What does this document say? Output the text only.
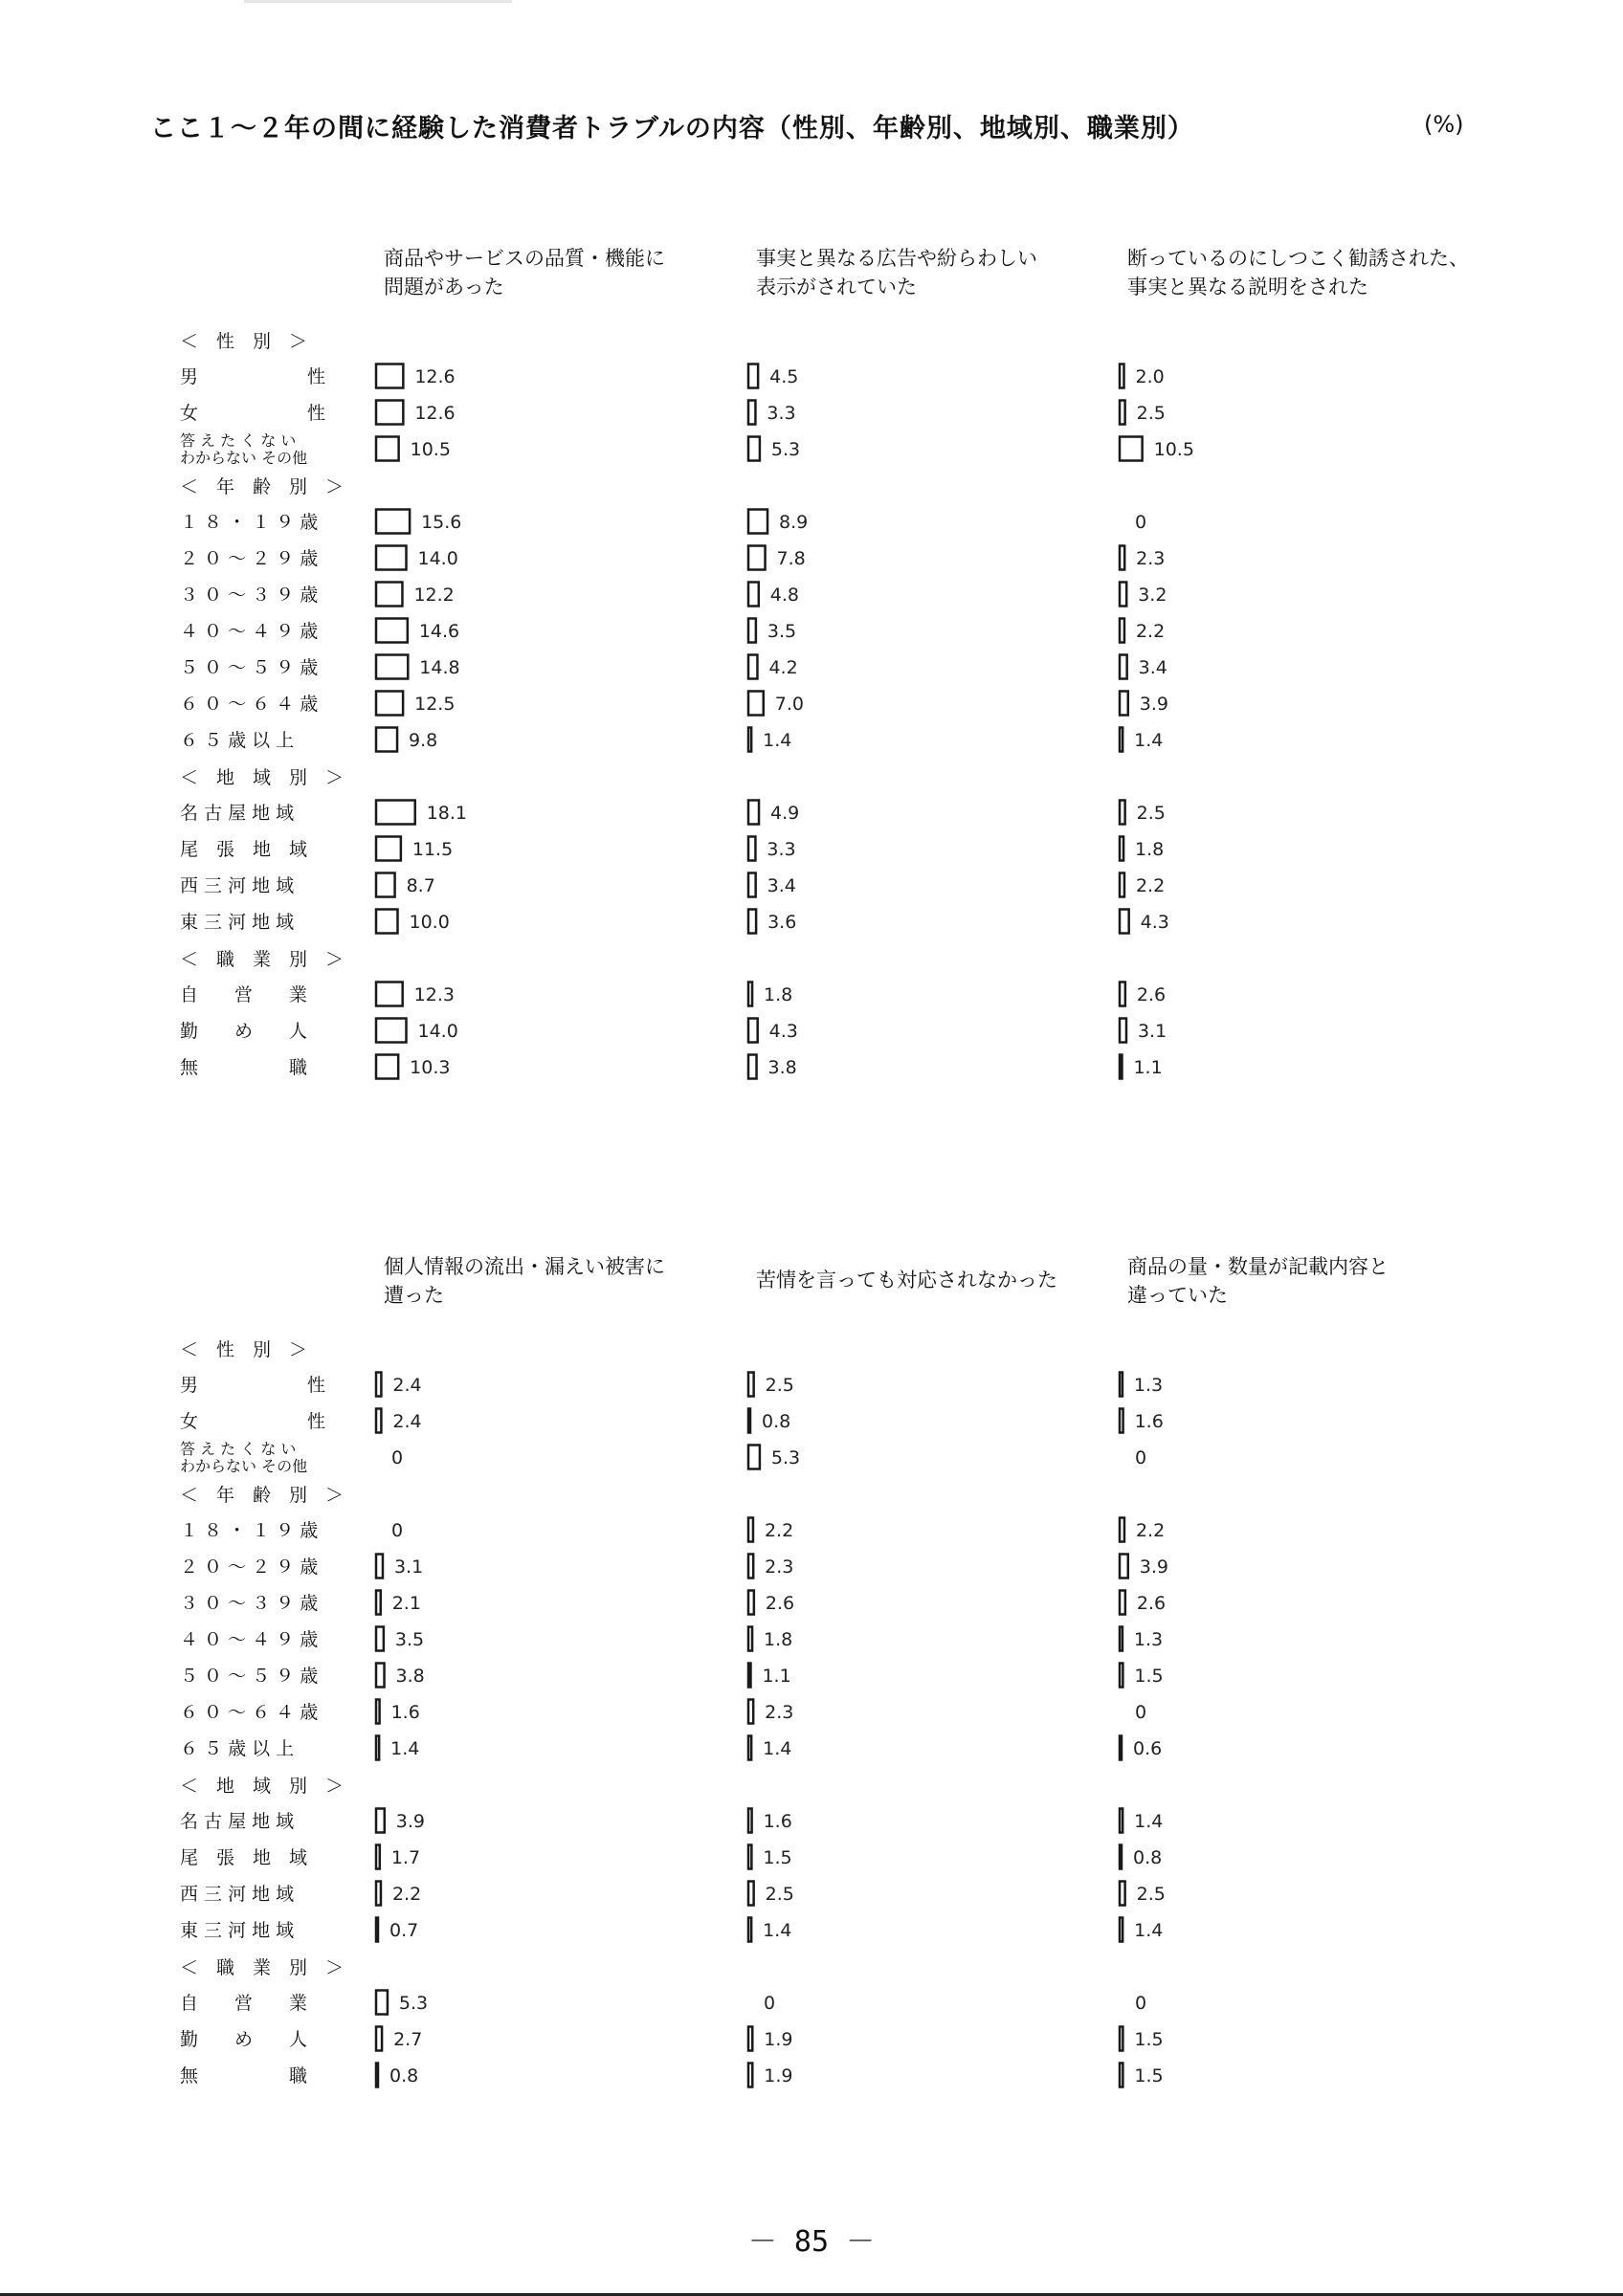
ここ１～２年の間に経験した消費者トラブルの内容（性別、年齢別、地域別、職業別）	(%)
商品やサービスの品質・機能に
問題があった
事実と異なる広告や紛らわしい
表示がされていた
断っているのにしつこく勧誘された、
事実と異なる説明をされた
＜　性　別　＞
男　　　　　　性	12.6	4.5	2.0
女　　　　　　性	12.6	3.3	2.5
答 え た く な い
わからない その他	10.5	5.3	10.5
＜　年　齢　別　＞
１ ８ ・ １ ９ 歳	15.6	8.9	0
２ ０ ～ ２ ９ 歳	14.0	7.8	2.3
３ ０ ～ ３ ９ 歳	12.2	4.8	3.2
４ ０ ～ ４ ９ 歳	14.6	3.5	2.2
５ ０ ～ ５ ９ 歳	14.8	4.2	3.4
６ ０ ～ ６ ４ 歳	12.5	7.0	3.9
６ ５ 歳 以 上	9.8	1.4	1.4
＜　地　域　別　＞
名 古 屋 地 域	18.1	4.9	2.5
尾　張　地　域	11.5	3.3	1.8
西 三 河 地 域	8.7	3.4	2.2
東 三 河 地 域	10.0	3.6	4.3
＜　職　業　別　＞
自　　営　　業	12.3	1.8	2.6
勤　　め　　人	14.0	4.3	3.1
無　　　　　職	10.3	3.8	1.1
個人情報の流出・漏えい被害に
遭った
苦情を言っても対応されなかった
商品の量・数量が記載内容と
違っていた
＜　性　別　＞
男　　　　　　性	2.4	2.5	1.3
女　　　　　　性	2.4	0.8	1.6
答 え た く な い
わからない その他	0	5.3	0
＜　年　齢　別　＞
１ ８ ・ １ ９ 歳	0	2.2	2.2
２ ０ ～ ２ ９ 歳	3.1	2.3	3.9
３ ０ ～ ３ ９ 歳	2.1	2.6	2.6
４ ０ ～ ４ ９ 歳	3.5	1.8	1.3
５ ０ ～ ５ ９ 歳	3.8	1.1	1.5
６ ０ ～ ６ ４ 歳	1.6	2.3	0
６ ５ 歳 以 上	1.4	1.4	0.6
＜　地　域　別　＞
名 古 屋 地 域	3.9	1.6	1.4
尾　張　地　域	1.7	1.5	0.8
西 三 河 地 域	2.2	2.5	2.5
東 三 河 地 域	0.7	1.4	1.4
＜　職　業　別　＞
自　　営　　業	5.3	0	0
勤　　め　　人	2.7	1.9	1.5
無　　　　　職	0.8	1.9	1.5
－ 85 －
